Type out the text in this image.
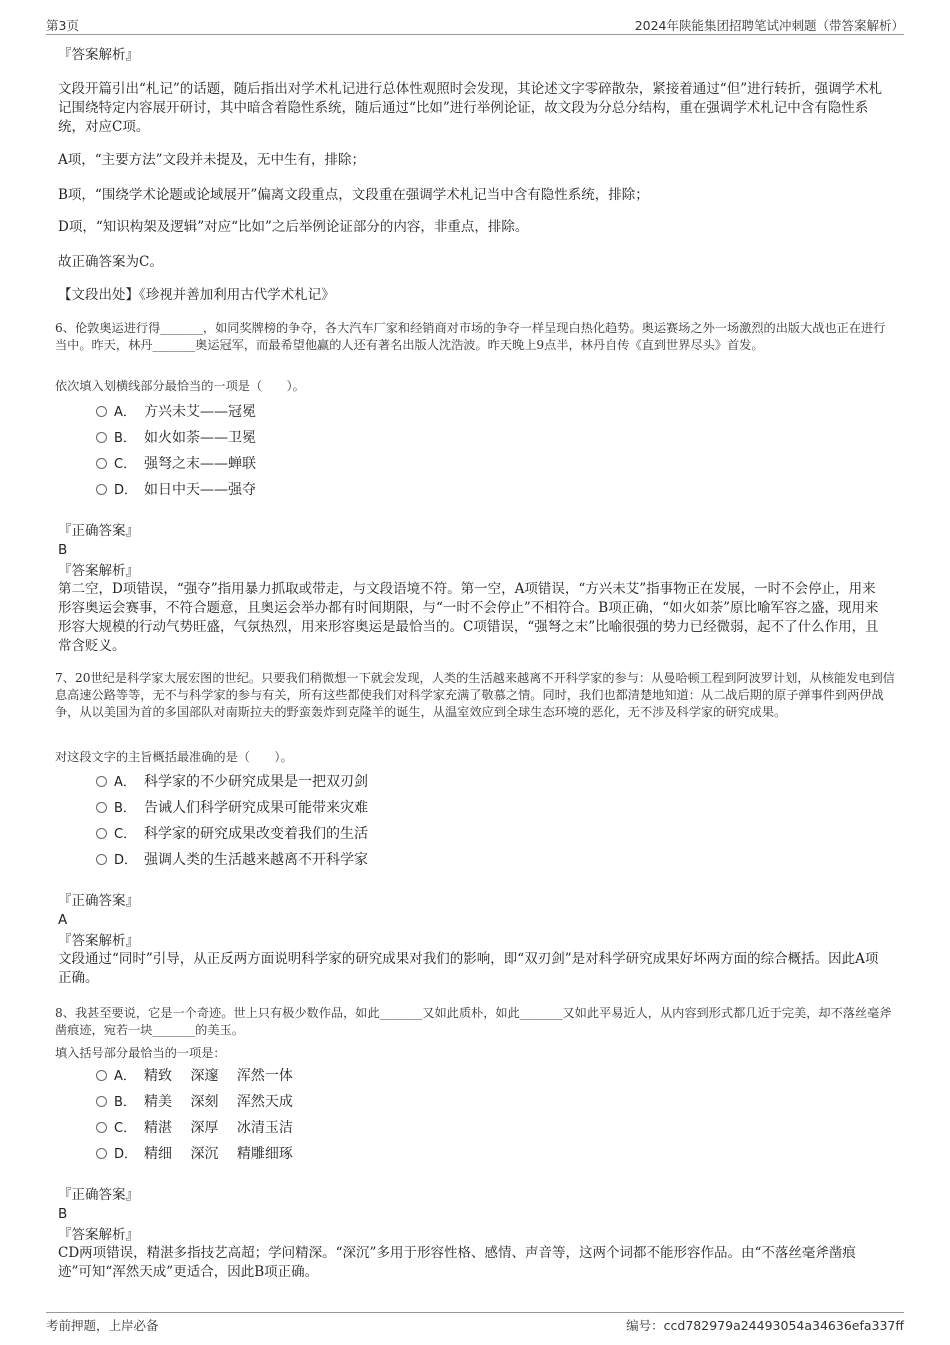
第3页	2024年陕能集团招聘笔试冲刺题（带答案解析）
『答案解析』
文段开篇引出“札记”的话题，随后指出对学术札记进行总体性观照时会发现，其论述文字零碎散杂，紧接着通过“但”进行转折，强调学术札记围绕特定内容展开研讨，其中暗含着隐性系统，随后通过“比如”进行举例论证，故文段为分总分结构，重在强调学术札记中含有隐性系统，对应C项。
A项，“主要方法”文段并未提及，无中生有，排除；
B项，“围绕学术论题或论域展开”偏离文段重点，文段重在强调学术札记当中含有隐性系统，排除；
D项，“知识构架及逻辑”对应“比如”之后举例论证部分的内容，非重点，排除。
故正确答案为C。
【文段出处】《珍视并善加利用古代学术札记》
6、伦敦奥运进行得_______，如同奖牌榜的争夺，各大汽车厂家和经销商对市场的争夺一样呈现白热化趋势。奥运赛场之外一场激烈的出版大战也正在进行当中。昨天，林丹_______奥运冠军，而最希望他赢的人还有著名出版人沈浩波。昨天晚上9点半，林丹自传《直到世界尽头》首发。
依次填入划横线部分最恰当的一项是（　　）。
A． 方兴未艾——冠冕
B． 如火如荼——卫冕
C． 强弩之末——蝉联
D． 如日中天——强夺
『正确答案』
B
『答案解析』
第二空，D项错误，“强夺”指用暴力抓取或带走，与文段语境不符。第一空，A项错误，“方兴未艾”指事物正在发展，一时不会停止，用来形容奥运会赛事，不符合题意，且奥运会举办都有时间期限，与“一时不会停止”不相符合。B项正确，“如火如荼”原比喻军容之盛，现用来形容大规模的行动气势旺盛，气氛热烈，用来形容奥运是最恰当的。C项错误，“强弩之末”比喻很强的势力已经微弱，起不了什么作用，且常含贬义。
7、20世纪是科学家大展宏图的世纪。只要我们稍微想一下就会发现，人类的生活越来越离不开科学家的参与：从曼哈顿工程到阿波罗计划，从核能发电到信息高速公路等等，无不与科学家的参与有关，所有这些都使我们对科学家充满了敬慕之情。同时，我们也都清楚地知道：从二战后期的原子弹事件到两伊战争，从以美国为首的多国部队对南斯拉夫的野蛮轰炸到克隆羊的诞生，从温室效应到全球生态环境的恶化，无不涉及科学家的研究成果。
对这段文字的主旨概括最准确的是（　　）。
A． 科学家的不少研究成果是一把双刃剑
B． 告诫人们科学研究成果可能带来灾难
C． 科学家的研究成果改变着我们的生活
D． 强调人类的生活越来越离不开科学家
『正确答案』
A
『答案解析』
文段通过“同时”引导，从正反两方面说明科学家的研究成果对我们的影响，即“双刃剑”是对科学研究成果好坏两方面的综合概括。因此A项正确。
8、我甚至要说，它是一个奇迹。世上只有极少数作品，如此_______又如此质朴，如此_______又如此平易近人，从内容到形式都几近于完美，却不落丝毫斧凿痕迹，宛若一块_______的美玉。
填入括号部分最恰当的一项是：
A． 精致　 深邃　 浑然一体
B． 精美　 深刻　 浑然天成
C． 精湛　 深厚　 冰清玉洁
D． 精细　 深沉　 精雕细琢
『正确答案』
B
『答案解析』
CD两项错误，精湛多指技艺高超；学问精深。“深沉”多用于形容性格、感情、声音等，这两个词都不能形容作品。由“不落丝毫斧凿痕迹”可知“浑然天成”更适合，因此B项正确。
考前押题，上岸必备	编号：ccd782979a24493054a34636efa337ff
